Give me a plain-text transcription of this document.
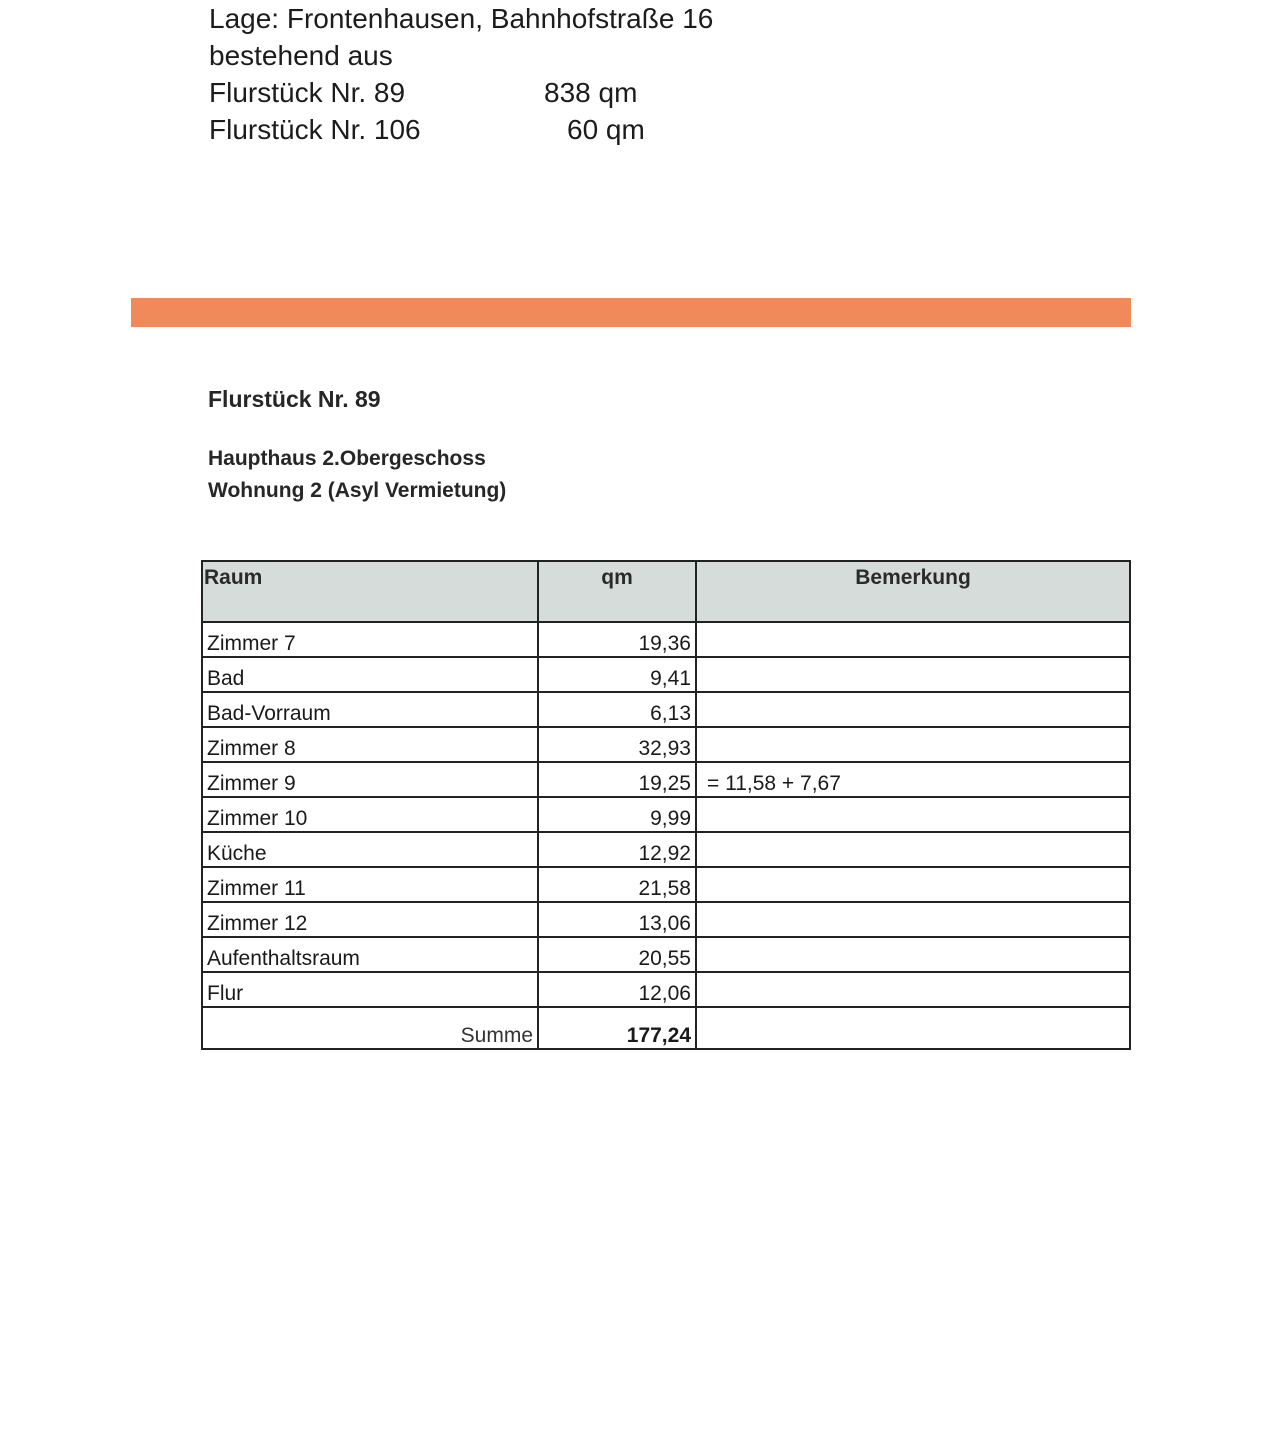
Lage: Frontenhausen, Bahnhofstraße 16
bestehend aus
Flurstück Nr. 89	838 qm
Flurstück Nr. 106	60 qm
Flurstück Nr. 89
Haupthaus 2.Obergeschoss
Wohnung 2 (Asyl Vermietung)
Raum	qm	Bemerkung
Zimmer 7	19,36	
Bad	9,41	
Bad-Vorraum	6,13	
Zimmer 8	32,93	
Zimmer 9	19,25	= 11,58 + 7,67
Zimmer 10	9,99	
Küche	12,92	
Zimmer 11	21,58	
Zimmer 12	13,06	
Aufenthaltsraum	20,55	
Flur	12,06	
Summe	177,24	
